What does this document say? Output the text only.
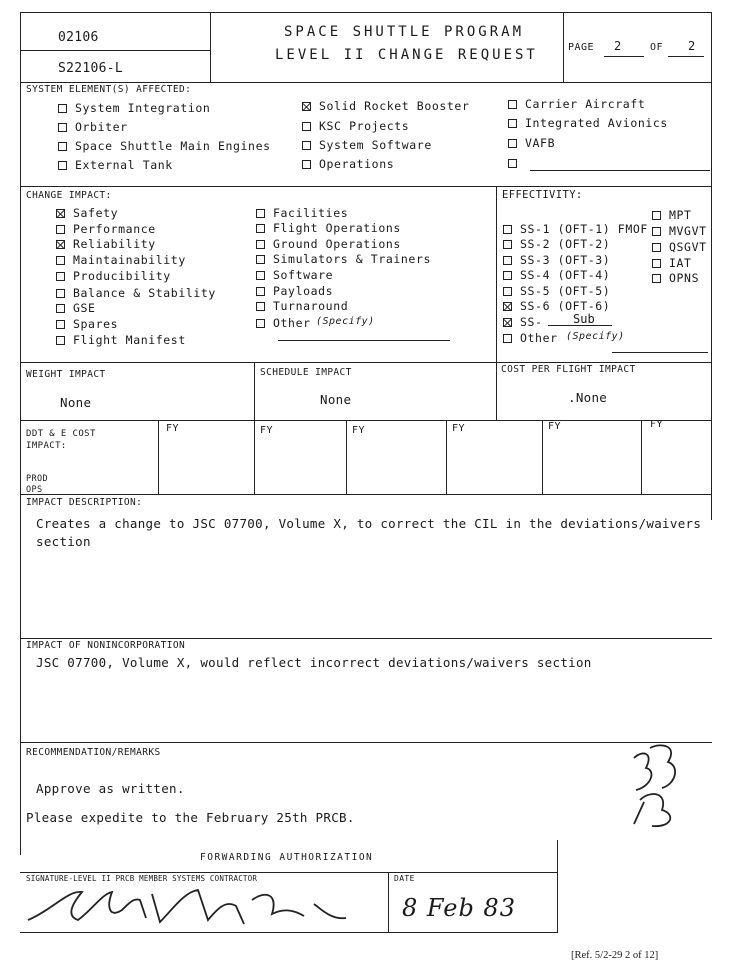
02106
S22106-L
SPACE SHUTTLE PROGRAM
LEVEL II CHANGE REQUEST	PAGE 2	OF 2
SYSTEM ELEMENT(S) AFFECTED:
System Integration
Orbiter
Space Shuttle Main Engines
External Tank
Solid Rocket Booster
KSC Projects
System Software
Operations
Carrier Aircraft
Integrated Avionics
VAFB
CHANGE IMPACT:
Safety
Performance
Reliability
Maintainability
Producibility
Balance & Stability
GSE
Spares
Flight Manifest
Facilities
Flight Operations
Ground Operations
Simulators & Trainers
Software
Payloads
Turnaround
Other (Specify)
EFFECTIVITY:
SS-1 (OFT-1) FMOF
SS-2 (OFT-2)
SS-3 (OFT-3)
SS-4 (OFT-4)
SS-5 (OFT-5)
SS-6 (OFT-6)
SS-
Other
Sub
(Specify)
MPT
MVGVT
QSGVT
IAT
OPNS
WEIGHT IMPACT
None
SCHEDULE IMPACT
None
COST PER FLIGHT IMPACT
.None
DDT & E COST
IMPACT:
PROD
OPS
FY	FY	FY	FY	FY	FY
IMPACT DESCRIPTION:
Creates a change to JSC 07700, Volume X, to correct the CIL in the deviations/waivers
section
IMPACT OF NONINCORPORATION
JSC 07700, Volume X, would reflect incorrect deviations/waivers section
RECOMMENDATION/REMARKS
Approve as written.
Please expedite to the February 25th PRCB.
FORWARDING AUTHORIZATION
SIGNATURE-LEVEL II PRCB MEMBER SYSTEMS CONTRACTOR	DATE
8 Feb 83
[Ref. 5/2-29 2 of 12]
